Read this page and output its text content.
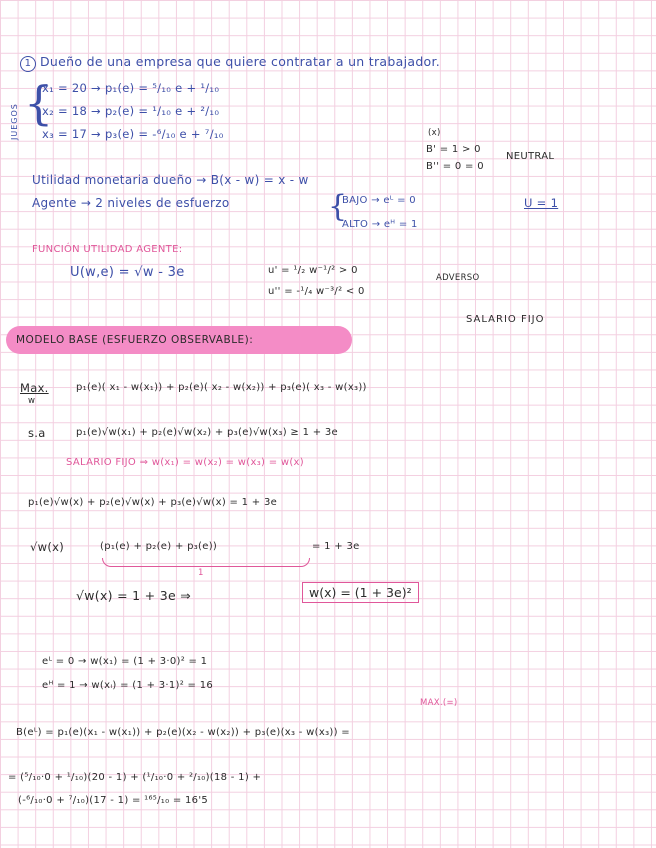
1 Dueño de una empresa que quiere contratar a un trabajador.
JUEGOS {
x₁ = 20 → p₁(e) = ⁵/₁₀ e + ¹/₁₀
x₂ = 18 → p₂(e) = ¹/₁₀ e + ²/₁₀
x₃ = 17 → p₃(e) = -⁶/₁₀ e + ⁷/₁₀	(x)
B' = 1 > 0
B'' = 0 = 0
NEUTRAL
Utilidad monetaria dueño → B(x - w) = x - w
Agente → 2 niveles de esfuerzo	{
BAJO → eᴸ = 0
ALTO → eᴴ = 1
U = 1
FUNCIÓN UTILIDAD AGENTE:
U(w,e) = √w - 3e	u' = ¹/₂ w⁻¹/² > 0
u'' = -¹/₄ w⁻³/² < 0
ADVERSO
SALARIO FIJO
MODELO BASE (ESFUERZO OBSERVABLE):
Max.
w
p₁(e)( x₁ - w(x₁)) + p₂(e)( x₂ - w(x₂)) + p₃(e)( x₃ - w(x₃))
s.a	p₁(e)√w(x₁) + p₂(e)√w(x₂) + p₃(e)√w(x₃) ≥ 1 + 3e
SALARIO FIJO ⇒ w(x₁) = w(x₂) = w(x₃) = w(x)
p₁(e)√w(x) + p₂(e)√w(x) + p₃(e)√w(x) = 1 + 3e
√w(x)	(p₁(e) + p₂(e) + p₃(e))	= 1 + 3e
1
√w(x) = 1 + 3e ⇒	w(x) = (1 + 3e)²
eᴸ = 0 → w(x₁) = (1 + 3·0)² = 1
eᴴ = 1 → w(xᵢ) = (1 + 3·1)² = 16
MAX.(=)
B(eᴸ) = p₁(e)(x₁ - w(x₁)) + p₂(e)(x₂ - w(x₂)) + p₃(e)(x₃ - w(x₃)) =
= (⁵/₁₀·0 + ¹/₁₀)(20 - 1) + (¹/₁₀·0 + ²/₁₀)(18 - 1) +
(-⁶/₁₀·0 + ⁷/₁₀)(17 - 1) = ¹⁶⁵/₁₀ = 16'5
